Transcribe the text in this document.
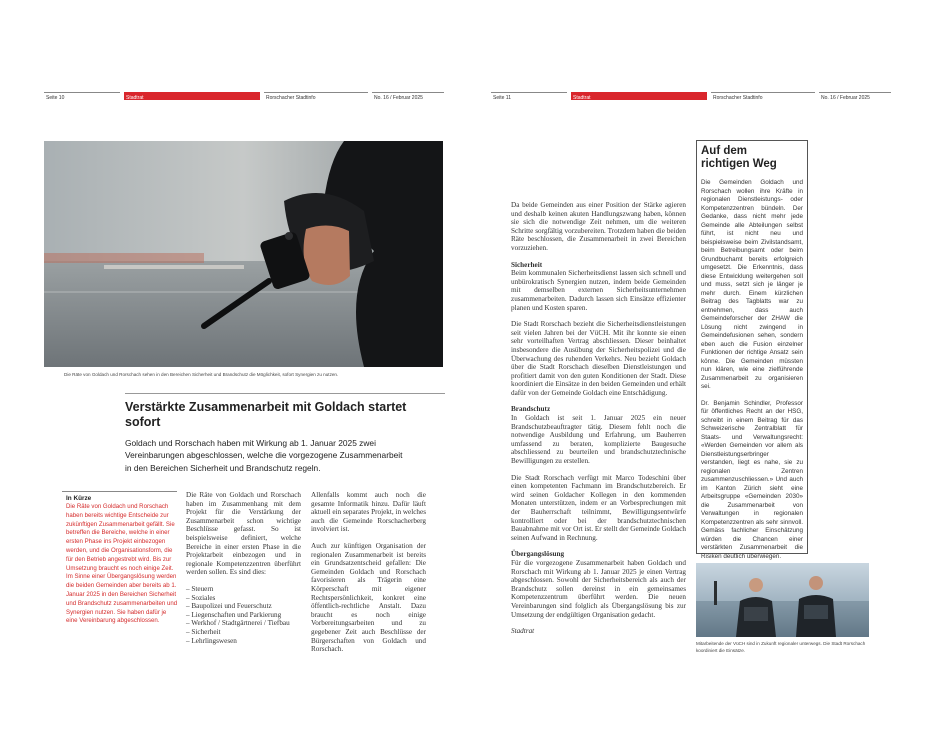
Seite 10	Stadtrat	Rorschacher Stadtinfo	No. 16 / Februar 2025
Die Räte von Goldach und Rorschach sehen in den Bereichen Sicherheit und Brandschutz die Möglichkeit, sofort Synergien zu nutzen.
Verstärkte Zusammenarbeit mit Goldach startet sofort
Goldach und Rorschach haben mit Wirkung ab 1. Januar 2025 zwei Vereinbarungen abgeschlossen, welche die vorgezogene Zusammenarbeit in den Bereichen Sicherheit und Brandschutz regeln.
In Kürze
Die Räte von Goldach und Rorschach haben bereits wichtige Entscheide zur zukünftigen Zusammenarbeit gefällt. Sie betreffen die Bereiche, welche in einer ersten Phase ins Projekt einbezogen werden, und die Organisationsform, die für den Betrieb angestrebt wird. Bis zur Umsetzung braucht es noch einige Zeit. Im Sinne einer Übergangslösung werden die beiden Gemeinden aber bereits ab 1. Januar 2025 in den Bereichen Sicherheit und Brandschutz zusammenarbeiten und Synergien nutzen. Sie haben dafür je eine Vereinbarung abgeschlossen.

Die Räte von Goldach und Rorschach haben im Zusammenhang mit dem Projekt für die Verstärkung der Zusammenarbeit schon wichtige Beschlüsse gefasst. So ist beispielsweise definiert, welche Bereiche in einer ersten Phase in die Projektarbeit einbezogen und in regionale Kompetenzzentren überführt werden sollen. Es sind dies:

– Steuern
– Soziales
– Baupolizei und Feuerschutz
– Liegenschaften und Parkierung
– Werkhof / Stadtgärtnerei / Tiefbau
– Sicherheit
– Lehrlingswesen

Allenfalls kommt auch noch die gesamte Informatik hinzu. Dafür läuft aktuell ein separates Projekt, in welches auch die Gemeinde Rorschacherberg involviert ist.

Auch zur künftigen Organisation der regionalen Zusammenarbeit ist bereits ein Grundsatzentscheid gefallen: Die Gemeinden Goldach und Rorschach favorisieren als Trägerin eine Körperschaft mit eigener Rechtspersönlichkeit, konkret eine öffentlich-rechtliche Anstalt. Dazu braucht es noch einige Vorbereitungsarbeiten und zu gegebener Zeit auch Beschlüsse der Bürgerschaften von Goldach und Rorschach.

Seite 11	Stadtrat	Rorschacher Stadtinfo	No. 16 / Februar 2025

Da beide Gemeinden aus einer Position der Stärke agieren und deshalb keinen akuten Handlungszwang haben, können sie sich die notwendige Zeit nehmen, um die weiteren Schritte sorgfältig vorzubereiten. Trotzdem haben die beiden Räte beschlossen, die Zusammenarbeit in zwei Bereichen vorzuziehen.

Sicherheit

Beim kommunalen Sicherheitsdienst lassen sich schnell und unbürokratisch Synergien nutzen, indem beide Gemeinden mit demselben externen Sicherheitsunternehmen zusammenarbeiten. Dadurch lassen sich Einsätze effizienter planen und Kosten sparen.

Die Stadt Rorschach bezieht die Sicherheitsdienstleistungen seit vielen Jahren bei der VüCH. Mit ihr konnte sie einen sehr vorteilhaften Vertrag abschliessen. Dieser beinhaltet insbesondere die Ausübung der Sicherheitspolizei und die Überwachung des ruhenden Verkehrs. Neu bezieht Goldach über die Stadt Rorschach dieselben Dienstleistungen und profitiert damit von den guten Konditionen der Stadt. Diese koordiniert die Einsätze in den beiden Gemeinden und erhält dafür von der Gemeinde Goldach eine Entschädigung.

Brandschutz

In Goldach ist seit 1. Januar 2025 ein neuer Brandschutzbeauftragter tätig. Diesem fehlt noch die notwendige Ausbildung und Erfahrung, um Bauherren umfassend zu beraten, komplizierte Baugesuche abschliessend zu beurteilen und brandschutztechnische Bewilligungen zu erstellen.

Die Stadt Rorschach verfügt mit Marco Todeschini über einen kompetenten Fachmann im Brandschutzbereich. Er wird seinen Goldacher Kollegen in den kommenden Monaten unterstützen, indem er an Vorbesprechungen mit der Bauherrschaft teilnimmt, Bewilligungsentwürfe kontrolliert oder bei der brandschutztechnischen Bauabnahme mit vor Ort ist. Er stellt der Gemeinde Goldach seinen Aufwand in Rechnung.

Übergangslösung

Für die vorgezogene Zusammenarbeit haben Goldach und Rorschach mit Wirkung ab 1. Januar 2025 je einen Vertrag abgeschlossen. Sowohl der Sicherheitsbereich als auch der Brandschutz sollen dereinst in ein gemeinsames Kompetenzzentrum überführt werden. Die neuen Vereinbarungen sind folglich als Übergangslösung bis zur Umsetzung der endgültigen Organisation gedacht.

Stadtrat

Auf dem richtigen Weg

Die Gemeinden Goldach und Rorschach wollen ihre Kräfte in regionalen Dienstleistungs- oder Kompetenzzentren bündeln. Der Gedanke, dass nicht mehr jede Gemeinde alle Abteilungen selbst führt, ist nicht neu und beispielsweise beim Zivilstandsamt, beim Betreibungsamt oder beim Grundbuchamt bereits erfolgreich umgesetzt. Die Erkenntnis, dass diese Entwicklung weitergehen soll und muss, setzt sich je länger je mehr durch. Einem kürzlichen Beitrag des Tagblatts war zu entnehmen, dass auch Gemeindeforscher der ZHAW die Lösung nicht zwingend in Gemeindefusionen sehen, sondern eben auch die Fusion einzelner Funktionen der richtige Ansatz sein könne. Die Gemeinden müssten nun klären, wie eine zielführende Zusammenarbeit zu organisieren sei.

Dr. Benjamin Schindler, Professor für öffentliches Recht an der HSG, schreibt in einem Beitrag für das Schweizerische Zentralblatt für Staats- und Verwaltungsrecht: «Werden Gemeinden vor allem als Dienstleistungserbringer verstanden, liegt es nahe, sie zu regionalen Zentren zusammenzuschliessen.» Und auch im Kanton Zürich sieht eine Arbeitsgruppe «Gemeinden 2030» die Zusammenarbeit von Verwaltungen in regionalen Kompetenzzentren als sehr sinnvoll. Gemäss fachlicher Einschätzung würden die Chancen einer verstärkten Zusammenarbeit die Risiken deutlich überwiegen.

Mitarbeitende der VüCH sind in Zukunft regionaler unterwegs. Die Stadt Rorschach koordiniert die Einsätze.
